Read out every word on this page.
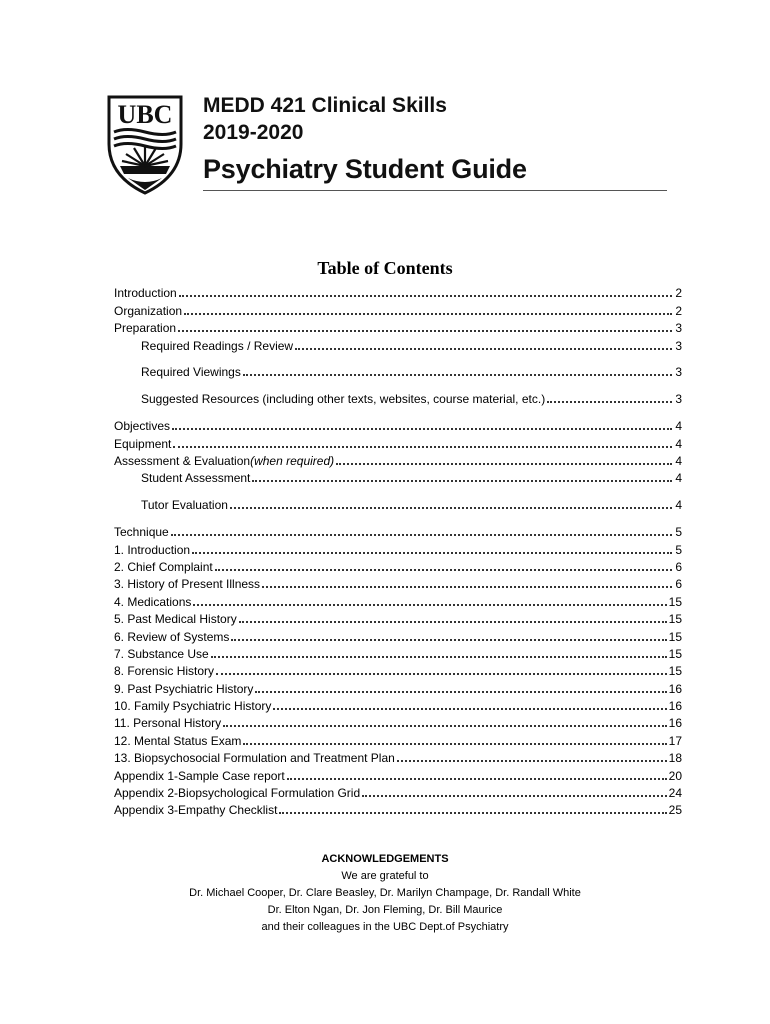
UBC MEDD 421 Clinical Skills
2019-2020
Psychiatry Student Guide
Table of Contents
Introduction	2
Organization	2
Preparation	3
Required Readings / Review	3
Required Viewings	3
Suggested Resources (including other texts, websites, course material, etc.)	3
Objectives	4
Equipment	4
Assessment & Evaluation (when required)	4
Student Assessment	4
Tutor Evaluation	4
Technique	5
1. Introduction	5
2. Chief Complaint	6
3. History of Present Illness	6
4. Medications	15
5. Past Medical History	15
6. Review of Systems	15
7. Substance Use	15
8. Forensic History	15
9. Past Psychiatric History	16
10. Family Psychiatric History	16
11. Personal History	16
12. Mental Status Exam	17
13. Biopsychosocial Formulation and Treatment Plan	18
Appendix 1-Sample Case report	20
Appendix 2-Biopsychological Formulation Grid	24
Appendix 3-Empathy Checklist	25
ACKNOWLEDGEMENTS
We are grateful to
Dr. Michael Cooper, Dr. Clare Beasley, Dr. Marilyn Champage, Dr. Randall White
Dr. Elton Ngan, Dr. Jon Fleming, Dr. Bill Maurice
and their colleagues in the UBC Dept.of Psychiatry
